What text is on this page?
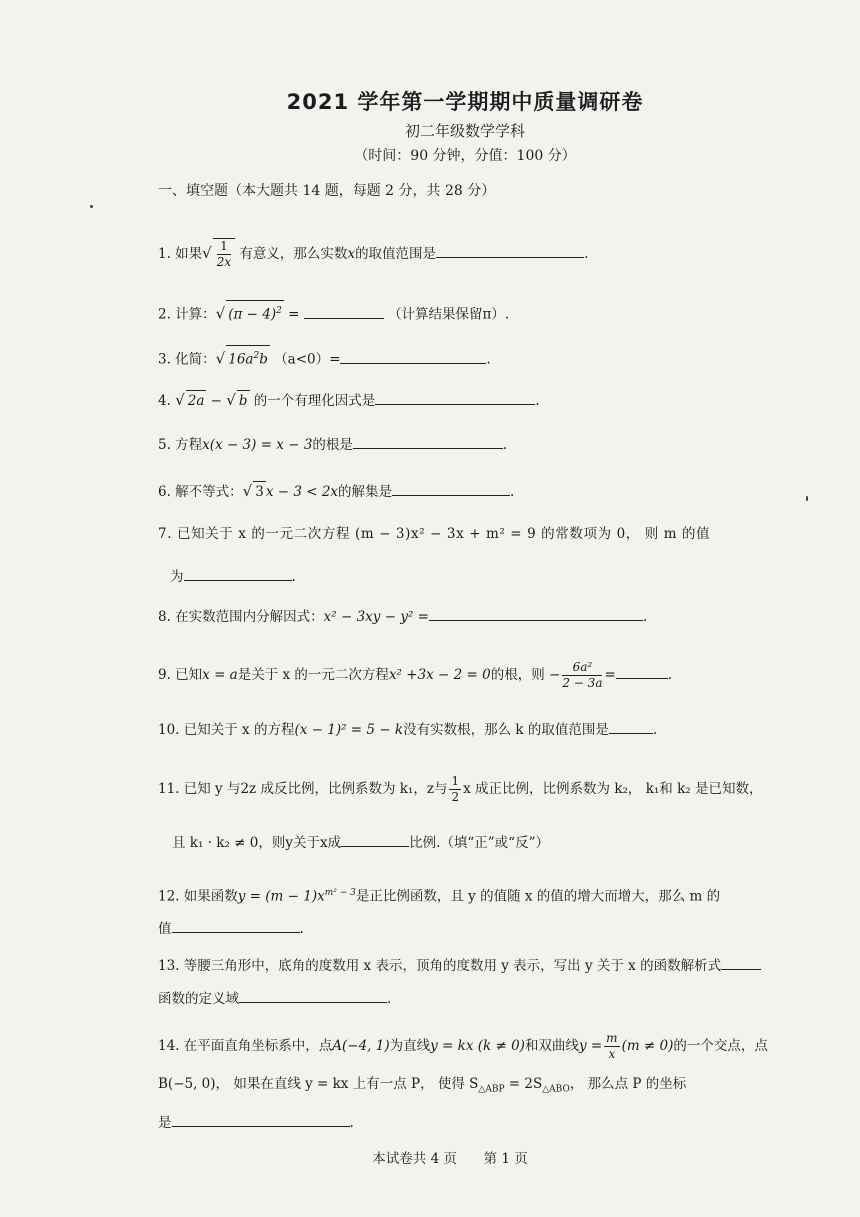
2021 学年第一学期期中质量调研卷
初二年级数学学科
（时间：90 分钟，分值：100 分）
一、填空题（本大题共 14 题，每题 2 分，共 28 分）
1. 如果√ $\frac{1}{2x}$ 有意义，那么实数x的取值范围是	.
2. 计算：√ $(\pi - 4)^2$ =	（计算结果保留π）.
3. 化简：√ $16a^2b$ （a<0）=	.
4. √ 2a − √ b 的一个有理化因式是	.
5. 方程x(x − 3) = x − 3的根是	.
6. 解不等式：√ 3 x − 3 < 2x的解集是	.
7. 已知关于 x 的一元二次方程 (m − 3)x² − 3x + m² = 9 的常数项为 0， 则 m 的值
为	.
8. 在实数范围内分解因式：x² − 3xy − y² =	.
9. 已知x = a是关于 x 的一元二次方程x² +3x − 2 = 0的根，则 − $\frac{\text{6a²}}{2 - 3a}$ =	.
10. 已知关于 x 的方程(x − 1)² = 5 − k没有实数根，那么 k 的取值范围是	.
11. 已知 y 与2z 成反比例，比例系数为 k₁，z与 $\frac{1}{2}$ x 成正比例，比例系数为 k₂， k₁和 k₂ 是已知数，
且 k₁ · k₂ ≠ 0，则y关于x成	比例.（填“正”或“反”）
12. 如果函数$y = (m - 1)x^{m^2 - 3}$是正比例函数，且 y 的值随 x 的值的增大而增大，那么 m 的
值	.
13. 等腰三角形中，底角的度数用 x 表示，顶角的度数用 y 表示，写出 y 关于 x 的函数解析式
函数的定义域	.
14. 在平面直角坐标系中，点A(−4, 1)为直线y = kx (k ≠ 0)和双曲线$y = \frac{m}{x} (m \ne 0)$的一个交点，点
B(−5, 0)， 如果在直线 y = kx 上有一点 P， 使得 $S_{\triangle ABP} = 2S_{\triangle ABO}$， 那么点 P 的坐标
是	.
本试卷共 4 页 第 1 页
